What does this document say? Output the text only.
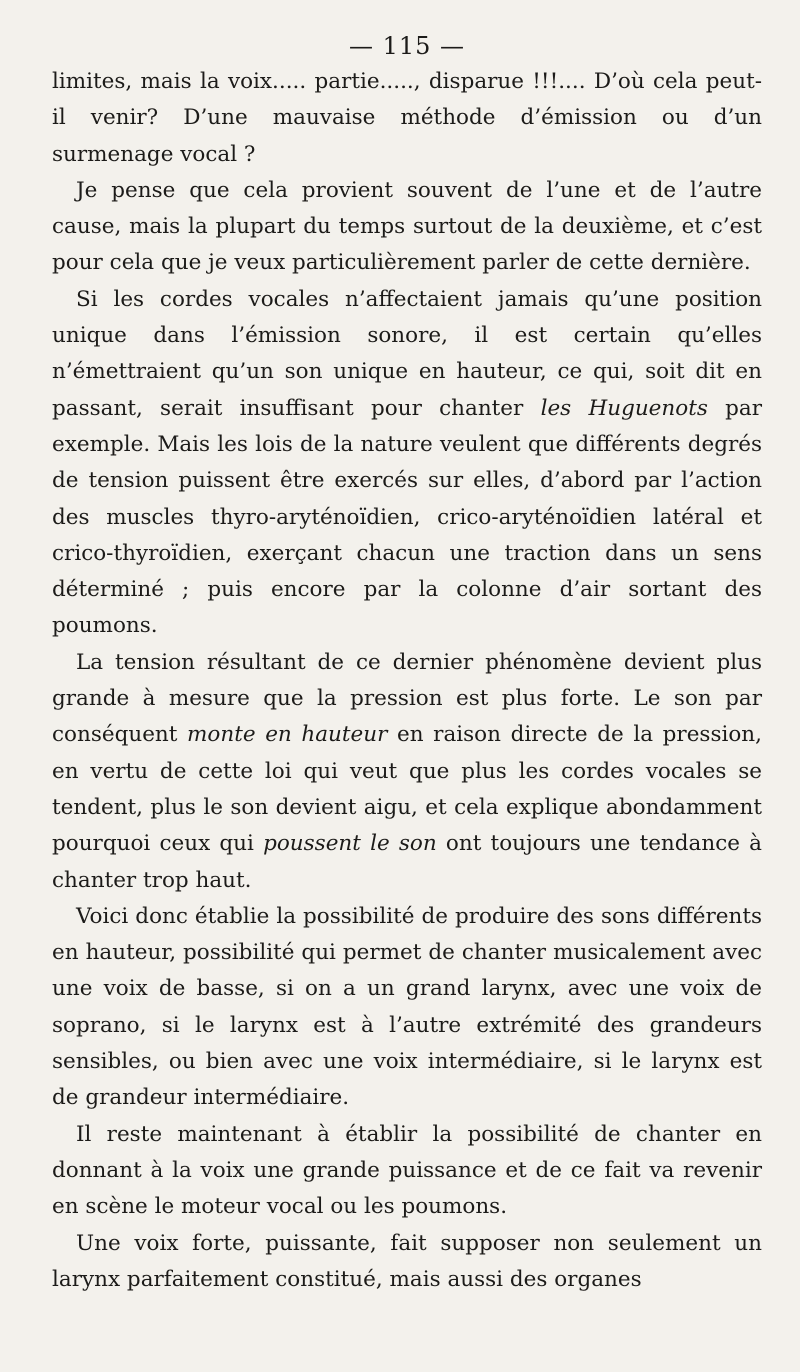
— 115 —

limites, mais la voix..... partie....., disparue !!!.... D’où cela peut-il venir? D’une mauvaise méthode d’émission ou d’un surmenage vocal ?

Je pense que cela provient souvent de l’une et de l’autre cause, mais la plupart du temps surtout de la deuxième, et c’est pour cela que je veux particulièrement parler de cette dernière.

Si les cordes vocales n’affectaient jamais qu’une position unique dans l’émission sonore, il est certain qu’elles n’émettraient qu’un son unique en hauteur, ce qui, soit dit en passant, serait insuffisant pour chanter les Huguenots par exemple. Mais les lois de la nature veulent que différents degrés de tension puissent être exercés sur elles, d’abord par l’action des muscles thyro-aryténoïdien, crico-aryténoïdien latéral et crico-thyroïdien, exerçant chacun une traction dans un sens déterminé ; puis encore par la colonne d’air sortant des poumons.

La tension résultant de ce dernier phénomène devient plus grande à mesure que la pression est plus forte. Le son par conséquent monte en hauteur en raison directe de la pression, en vertu de cette loi qui veut que plus les cordes vocales se tendent, plus le son devient aigu, et cela explique abondamment pourquoi ceux qui poussent le son ont toujours une tendance à chanter trop haut.

Voici donc établie la possibilité de produire des sons différents en hauteur, possibilité qui permet de chanter musicalement avec une voix de basse, si on a un grand larynx, avec une voix de soprano, si le larynx est à l’autre extrémité des grandeurs sensibles, ou bien avec une voix intermédiaire, si le larynx est de grandeur intermédiaire.

Il reste maintenant à établir la possibilité de chanter en donnant à la voix une grande puissance et de ce fait va revenir en scène le moteur vocal ou les poumons.

Une voix forte, puissante, fait supposer non seulement un larynx parfaitement constitué, mais aussi des organes
